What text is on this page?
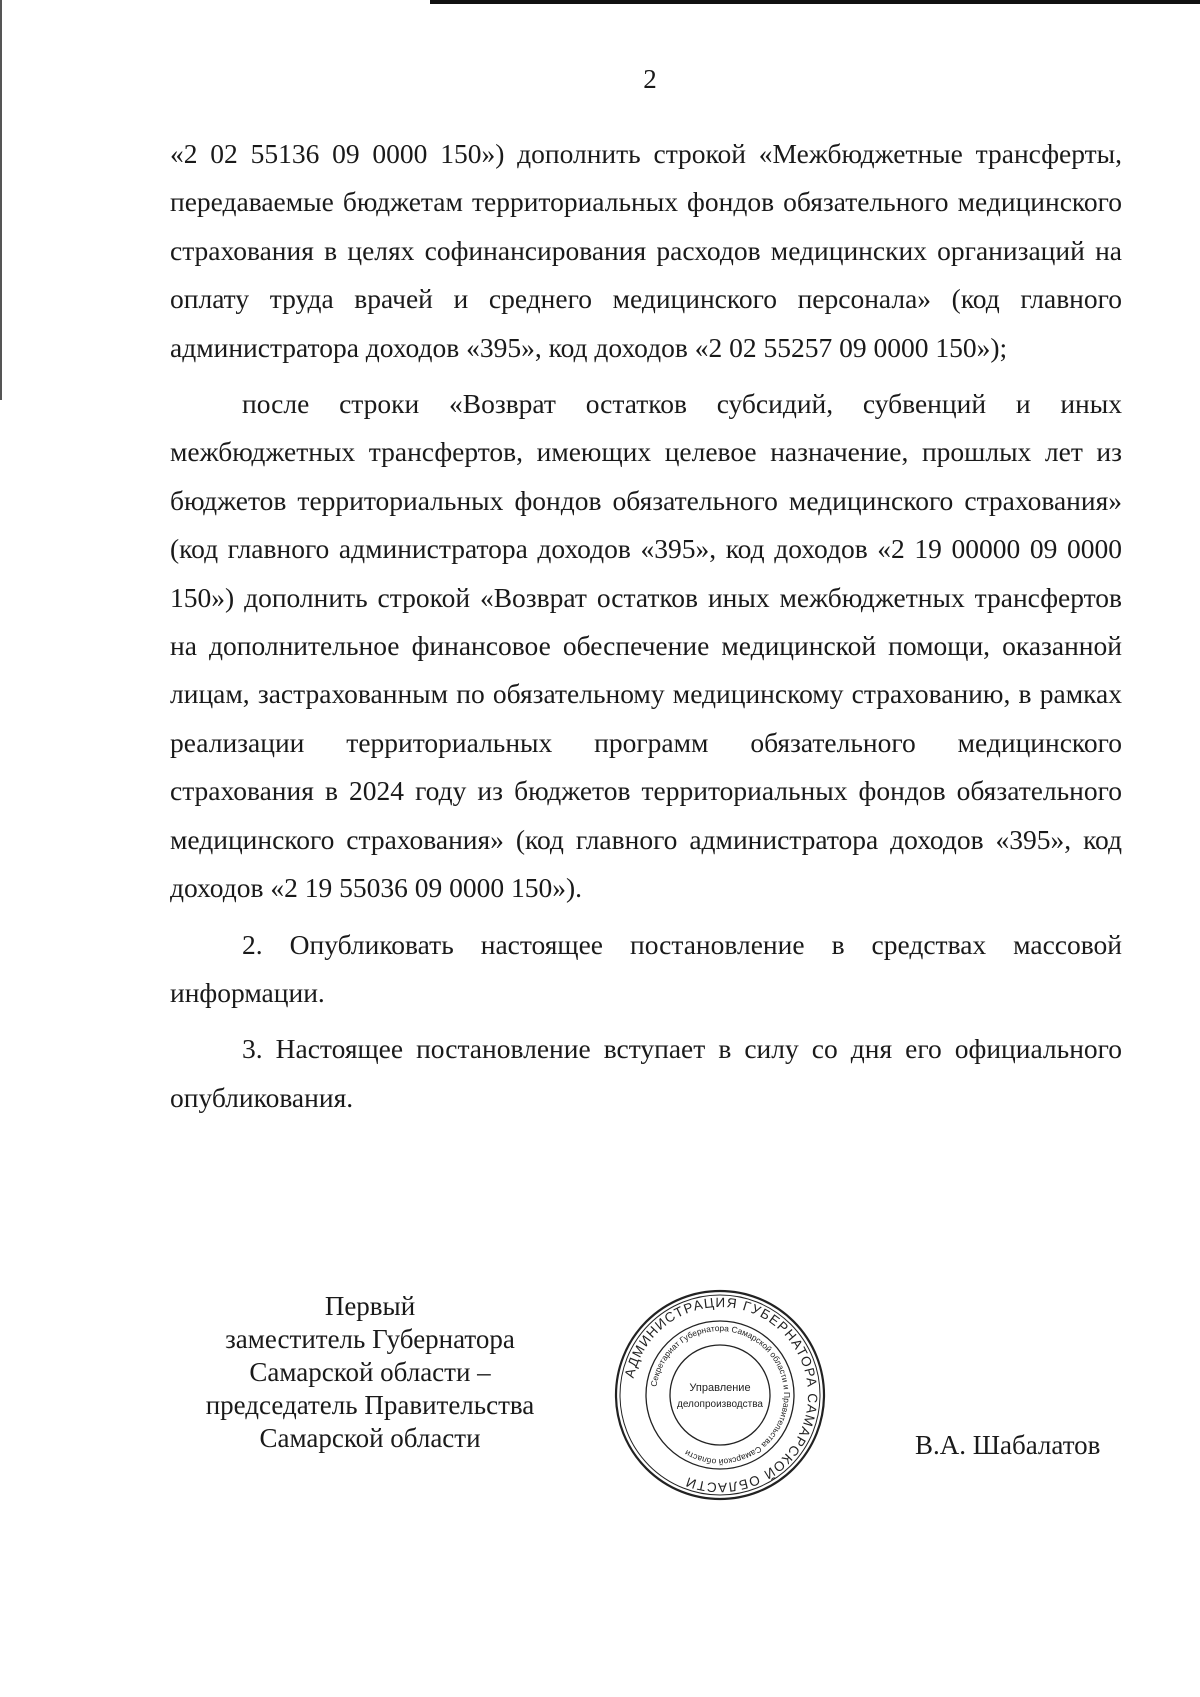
2

«2 02 55136 09 0000 150») дополнить строкой «Межбюджетные трансферты, передаваемые бюджетам территориальных фондов обязательного медицинского страхования в целях софинансирования расходов медицинских организаций на оплату труда врачей и среднего медицинского персонала» (код главного администратора доходов «395», код доходов «2 02 55257 09 0000 150»);

после строки «Возврат остатков субсидий, субвенций и иных межбюджетных трансфертов, имеющих целевое назначение, прошлых лет из бюджетов территориальных фондов обязательного медицинского страхования» (код главного администратора доходов «395», код доходов «2 19 00000 09 0000 150») дополнить строкой «Возврат остатков иных межбюджетных трансфертов на дополнительное финансовое обеспечение медицинской помощи, оказанной лицам, застрахованным по обязательному медицинскому страхованию, в рамках реализации территориальных программ обязательного медицинского страхования в 2024 году из бюджетов территориальных фондов обязательного медицинского страхования» (код главного администратора доходов «395», код доходов «2 19 55036 09 0000 150»).

2. Опубликовать настоящее постановление в средствах массовой информации.

3. Настоящее постановление вступает в силу со дня его официального опубликования.

Первый
заместитель Губернатора
Самарской области –
председатель Правительства
Самарской области
АДМИНИСТРАЦИЯ ГУБЕРНАТОРА САМАРСКОЙ ОБЛАСТИ
Секретариат Губернатора Самарской области и Правительства Самарской области
Управление
делопроизводства
В.А. Шабалатов
